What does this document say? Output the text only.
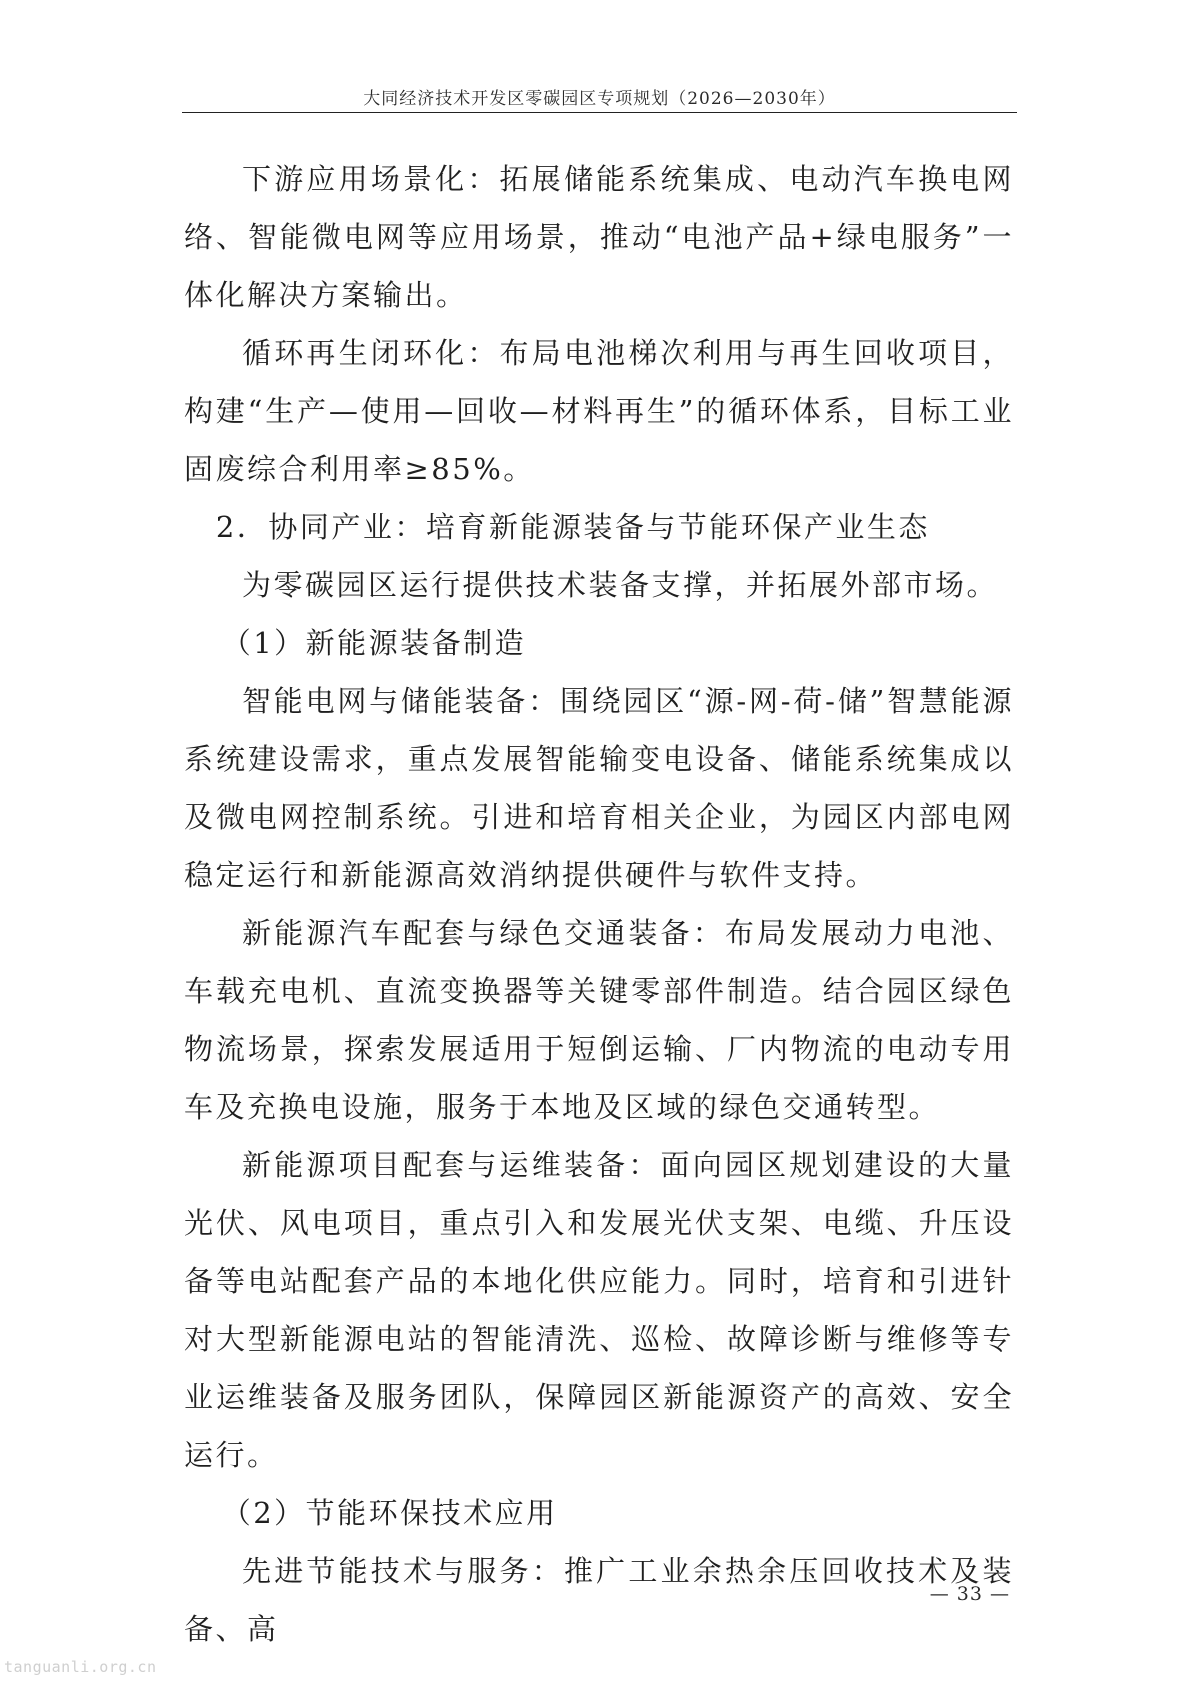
大同经济技术开发区零碳园区专项规划（2026—2030年）

下游应用场景化：拓展储能系统集成、电动汽车换电网络、智能微电网等应用场景，推动“电池产品+绿电服务”一体化解决方案输出。

循环再生闭环化：布局电池梯次利用与再生回收项目，构建“生产—使用—回收—材料再生”的循环体系，目标工业固废综合利用率≥85%。

2．协同产业：培育新能源装备与节能环保产业生态

为零碳园区运行提供技术装备支撑，并拓展外部市场。

（1）新能源装备制造

智能电网与储能装备：围绕园区“源-网-荷-储”智慧能源系统建设需求，重点发展智能输变电设备、储能系统集成以及微电网控制系统。引进和培育相关企业，为园区内部电网稳定运行和新能源高效消纳提供硬件与软件支持。

新能源汽车配套与绿色交通装备：布局发展动力电池、车载充电机、直流变换器等关键零部件制造。结合园区绿色物流场景，探索发展适用于短倒运输、厂内物流的电动专用车及充换电设施，服务于本地及区域的绿色交通转型。

新能源项目配套与运维装备：面向园区规划建设的大量光伏、风电项目，重点引入和发展光伏支架、电缆、升压设备等电站配套产品的本地化供应能力。同时，培育和引进针对大型新能源电站的智能清洗、巡检、故障诊断与维修等专业运维装备及服务团队，保障园区新能源资产的高效、安全运行。

（2）节能环保技术应用

先进节能技术与服务：推广工业余热余压回收技术及装备、高

— 33 —
tanguanli.org.cn
